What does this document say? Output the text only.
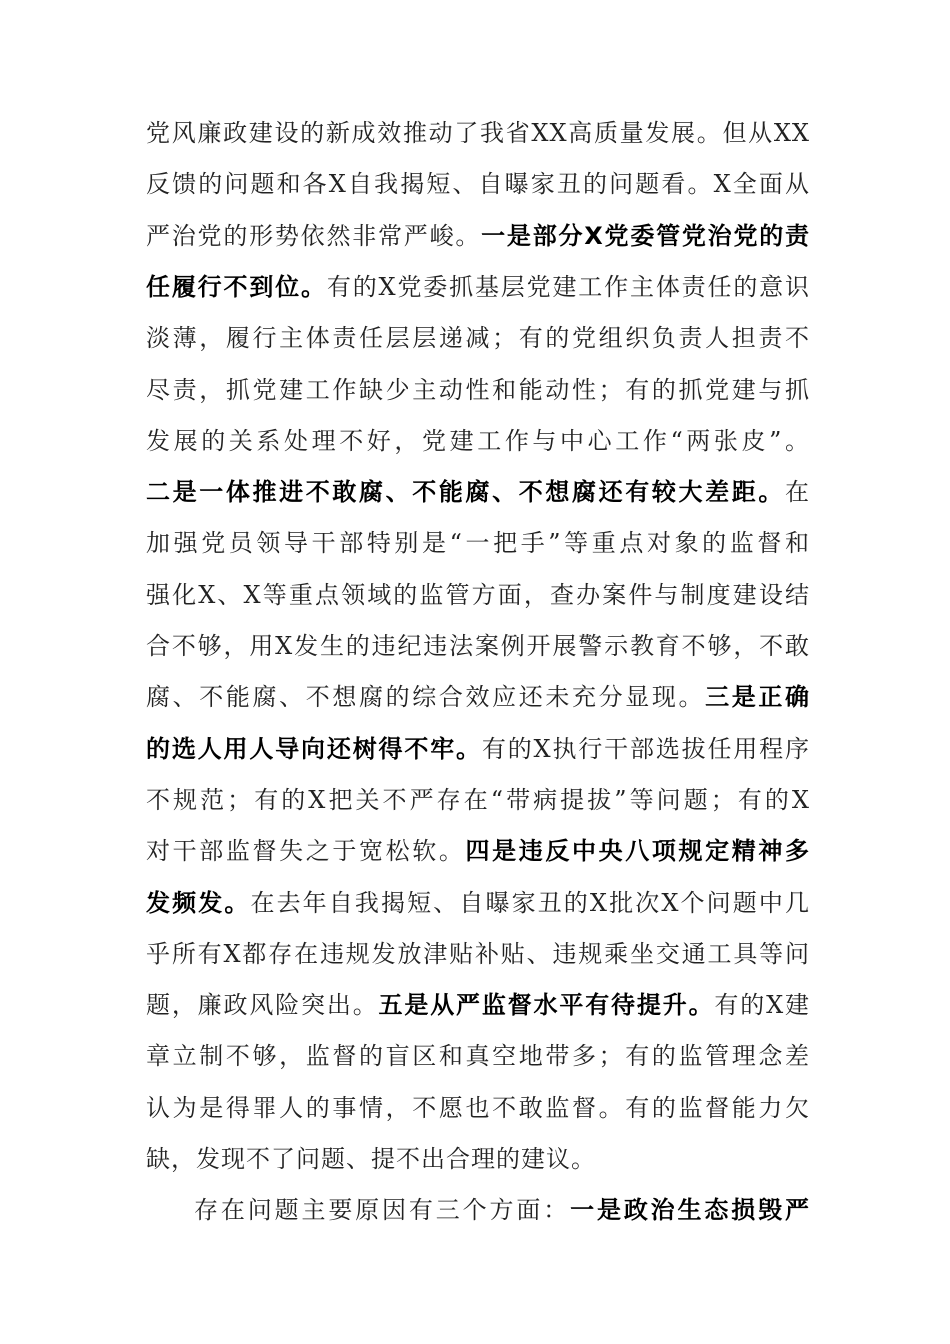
党风廉政建设的新成效推动了我省XX高质量发展。但从XX
反馈的问题和各X自我揭短、自曝家丑的问题看。X全面从
严治党的形势依然非常严峻。一是部分X党委管党治党的责
任履行不到位。有的X党委抓基层党建工作主体责任的意识
淡薄，履行主体责任层层递减；有的党组织负责人担责不
尽责，抓党建工作缺少主动性和能动性；有的抓党建与抓
发展的关系处理不好，党建工作与中心工作“两张皮”。
二是一体推进不敢腐、不能腐、不想腐还有较大差距。在
加强党员领导干部特别是“一把手”等重点对象的监督和
强化X、X等重点领域的监管方面，查办案件与制度建设结
合不够，用X发生的违纪违法案例开展警示教育不够，不敢
腐、不能腐、不想腐的综合效应还未充分显现。三是正确
的选人用人导向还树得不牢。有的X执行干部选拔任用程序
不规范；有的X把关不严存在“带病提拔”等问题；有的X
对干部监督失之于宽松软。四是违反中央八项规定精神多
发频发。在去年自我揭短、自曝家丑的X批次X个问题中几
乎所有X都存在违规发放津贴补贴、违规乘坐交通工具等问
题，廉政风险突出。五是从严监督水平有待提升。有的X建
章立制不够，监督的盲区和真空地带多；有的监管理念差
认为是得罪人的事情，不愿也不敢监督。有的监督能力欠
缺，发现不了问题、提不出合理的建议。
存在问题主要原因有三个方面：一是政治生态损毁严
